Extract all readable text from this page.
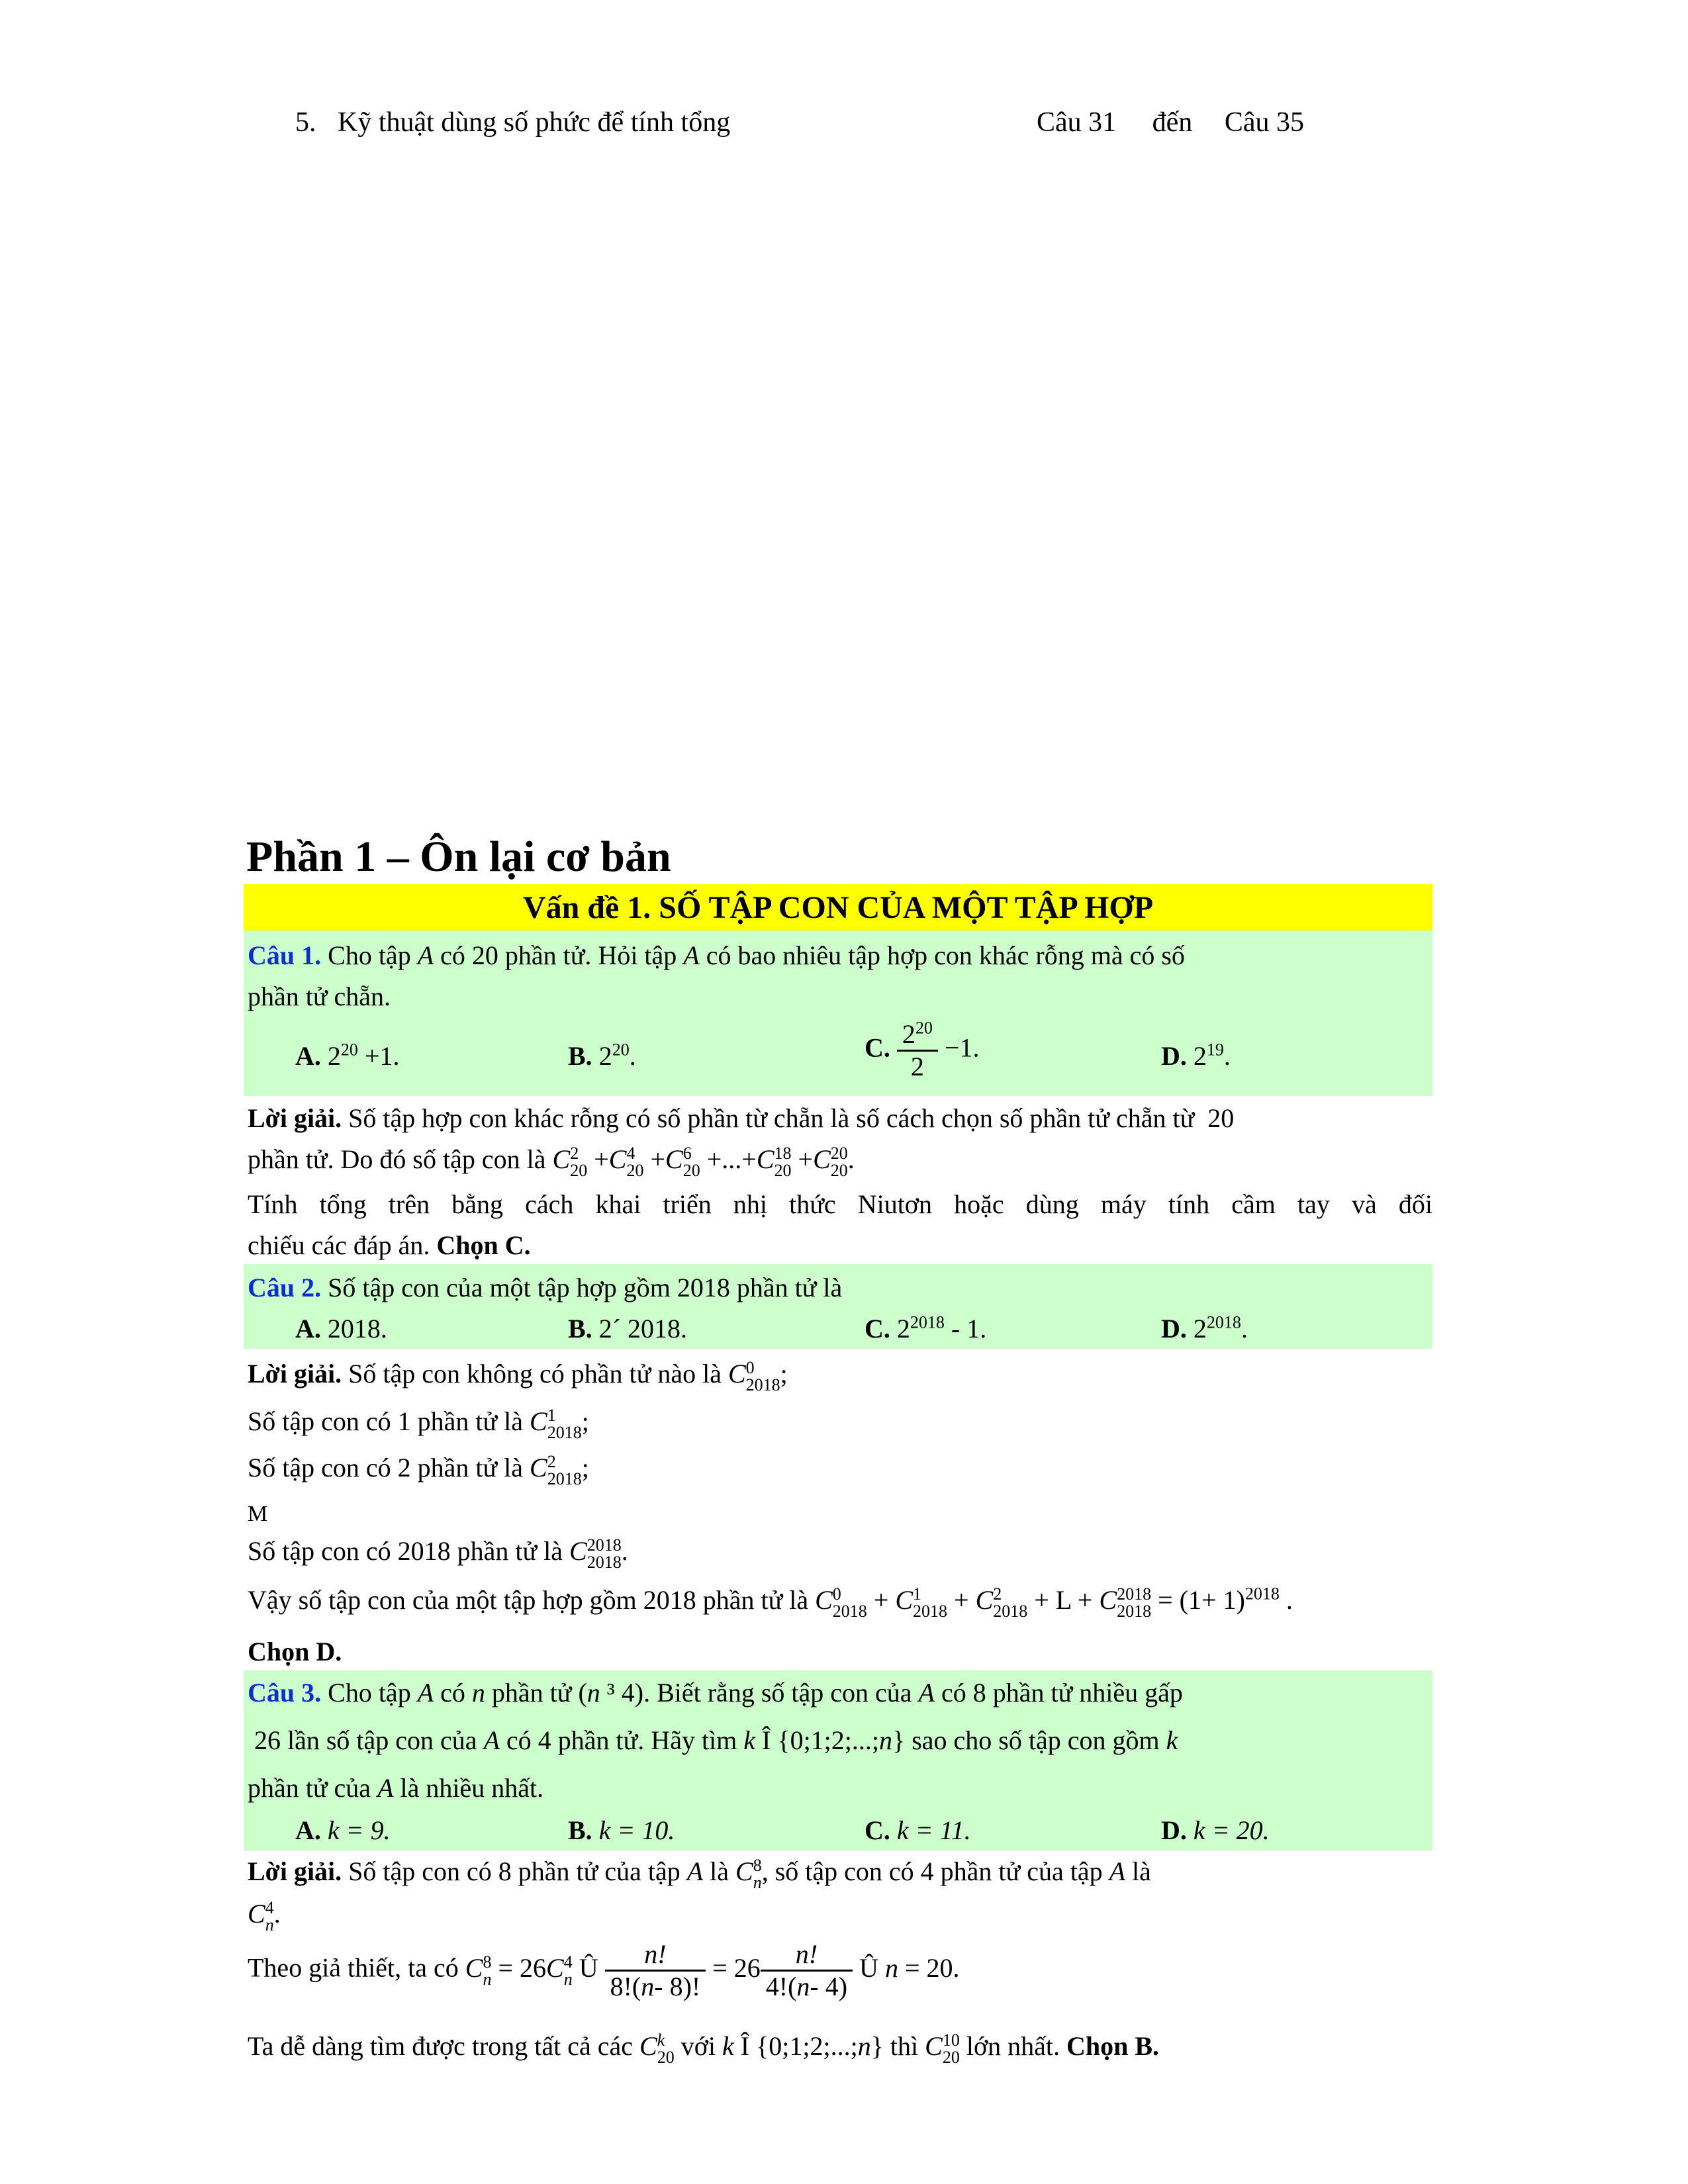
5. Kỹ thuật dùng số phức để tính tổng	Câu 31 đến Câu 35
Phần 1 – Ôn lại cơ bản
Vấn đề 1. SỐ TẬP CON CỦA MỘT TẬP HỢP
Câu 1. Cho tập A có 20 phần tử. Hỏi tập A có bao nhiêu tập hợp con khác rỗng mà có số
phần tử chẵn.
A. $2^{20} +1$.	B. $2^{20}$.	C. $\frac{2^{20}}{2} -1$.	D. $2^{19}$.
Lời giải. Số tập hợp con khác rỗng có số phần từ chẵn là số cách chọn số phần tử chẵn từ  20
phần tử. Do đó số tập con là C 2
20 +C 4
20 +C 6
20 +...+C 18
20 +C 20
20 .
Tính tổng trên bằng cách khai triển nhị thức Niutơn hoặc dùng máy tính cầm tay và đối
chiếu các đáp án. Chọn C.
Câu 2. Số tập con của một tập hợp gồm 2018 phần tử là
A. 2018.	B. 2´ 2018.	C. $2^{2018} - 1$.	D. $2^{2018}$.
Lời giải. Số tập con không có phần tử nào là C 0
2018 ;
Số tập con có 1 phần tử là C 1
2018 ;
Số tập con có 2 phần tử là C 2
2018 ;
M
Số tập con có 2018 phần tử là C 2018
2018 .
Vậy số tập con của một tập hợp gồm 2018 phần tử là C 0
2018 + C 1
2018 + C 2
2018 + L + C 2018
$2018 = (1+ 1)^{2018}$ .
Chọn D.
Câu 3. Cho tập A có n phần tử (n ³ 4). Biết rằng số tập con của A có 8 phần tử nhiều gấp
26 lần số tập con của A có 4 phần tử. Hãy tìm k Î {0;1;2;...;n} sao cho số tập con gồm k
phần tử của A là nhiều nhất.
A. k = 9.	B. k = 10.	C. k = 11.	D. k = 20.
Lời giải. Số tập con có 8 phần tử của tập A là C 8
n , số tập con có 4 phần tử của tập A là
C 4
n .
Theo giả thiết, ta có C 8
n = 26C 4
n Û $\frac{n!}{8!(n- 8)!} = 26 \frac{n!}{4!(n- 4)}$ Û n = 20.
Ta dễ dàng tìm được trong tất cả các C k
20 với k Î {0;1;2;...;n} thì C 10
20 lớn nhất. Chọn B.
